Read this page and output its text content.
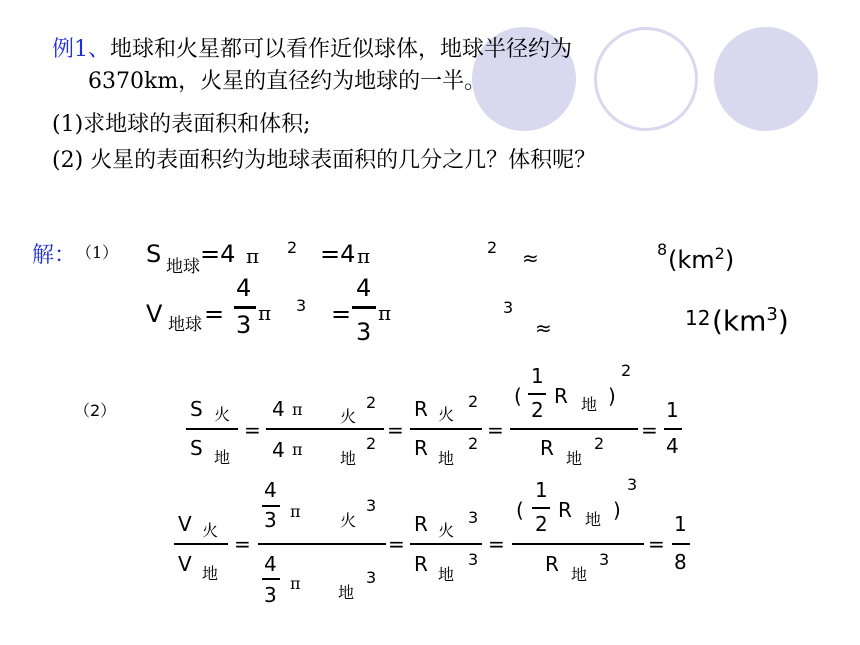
例1、地球和火星都可以看作近似球体，地球半径约为
6370km，火星的直径约为地球的一半。
(1)求地球的表面积和体积;
(2) 火星的表面积约为地球表面积的几分之几？体积呢？
解： （1） S 地球 =4 π 2 =4 π	2 ≈	8 $(km^2)$
V 地球 =
4
3 π 3 =
4
3
π	3
≈	12 $(km^3)$
（2）	S 火
S 地
=
4 π 火
2
4 π 地
2
=
R 火
2
R 地
2
=
(
1
2
R 地 )
2
R 地
2
=
1
4
V 火
V 地
=
4
3 π 火
3
4
3 π 地
3
=
R 火
3
R 地
3
=
(
1
2
R 地 )
3
R 地
3
=
1
8
